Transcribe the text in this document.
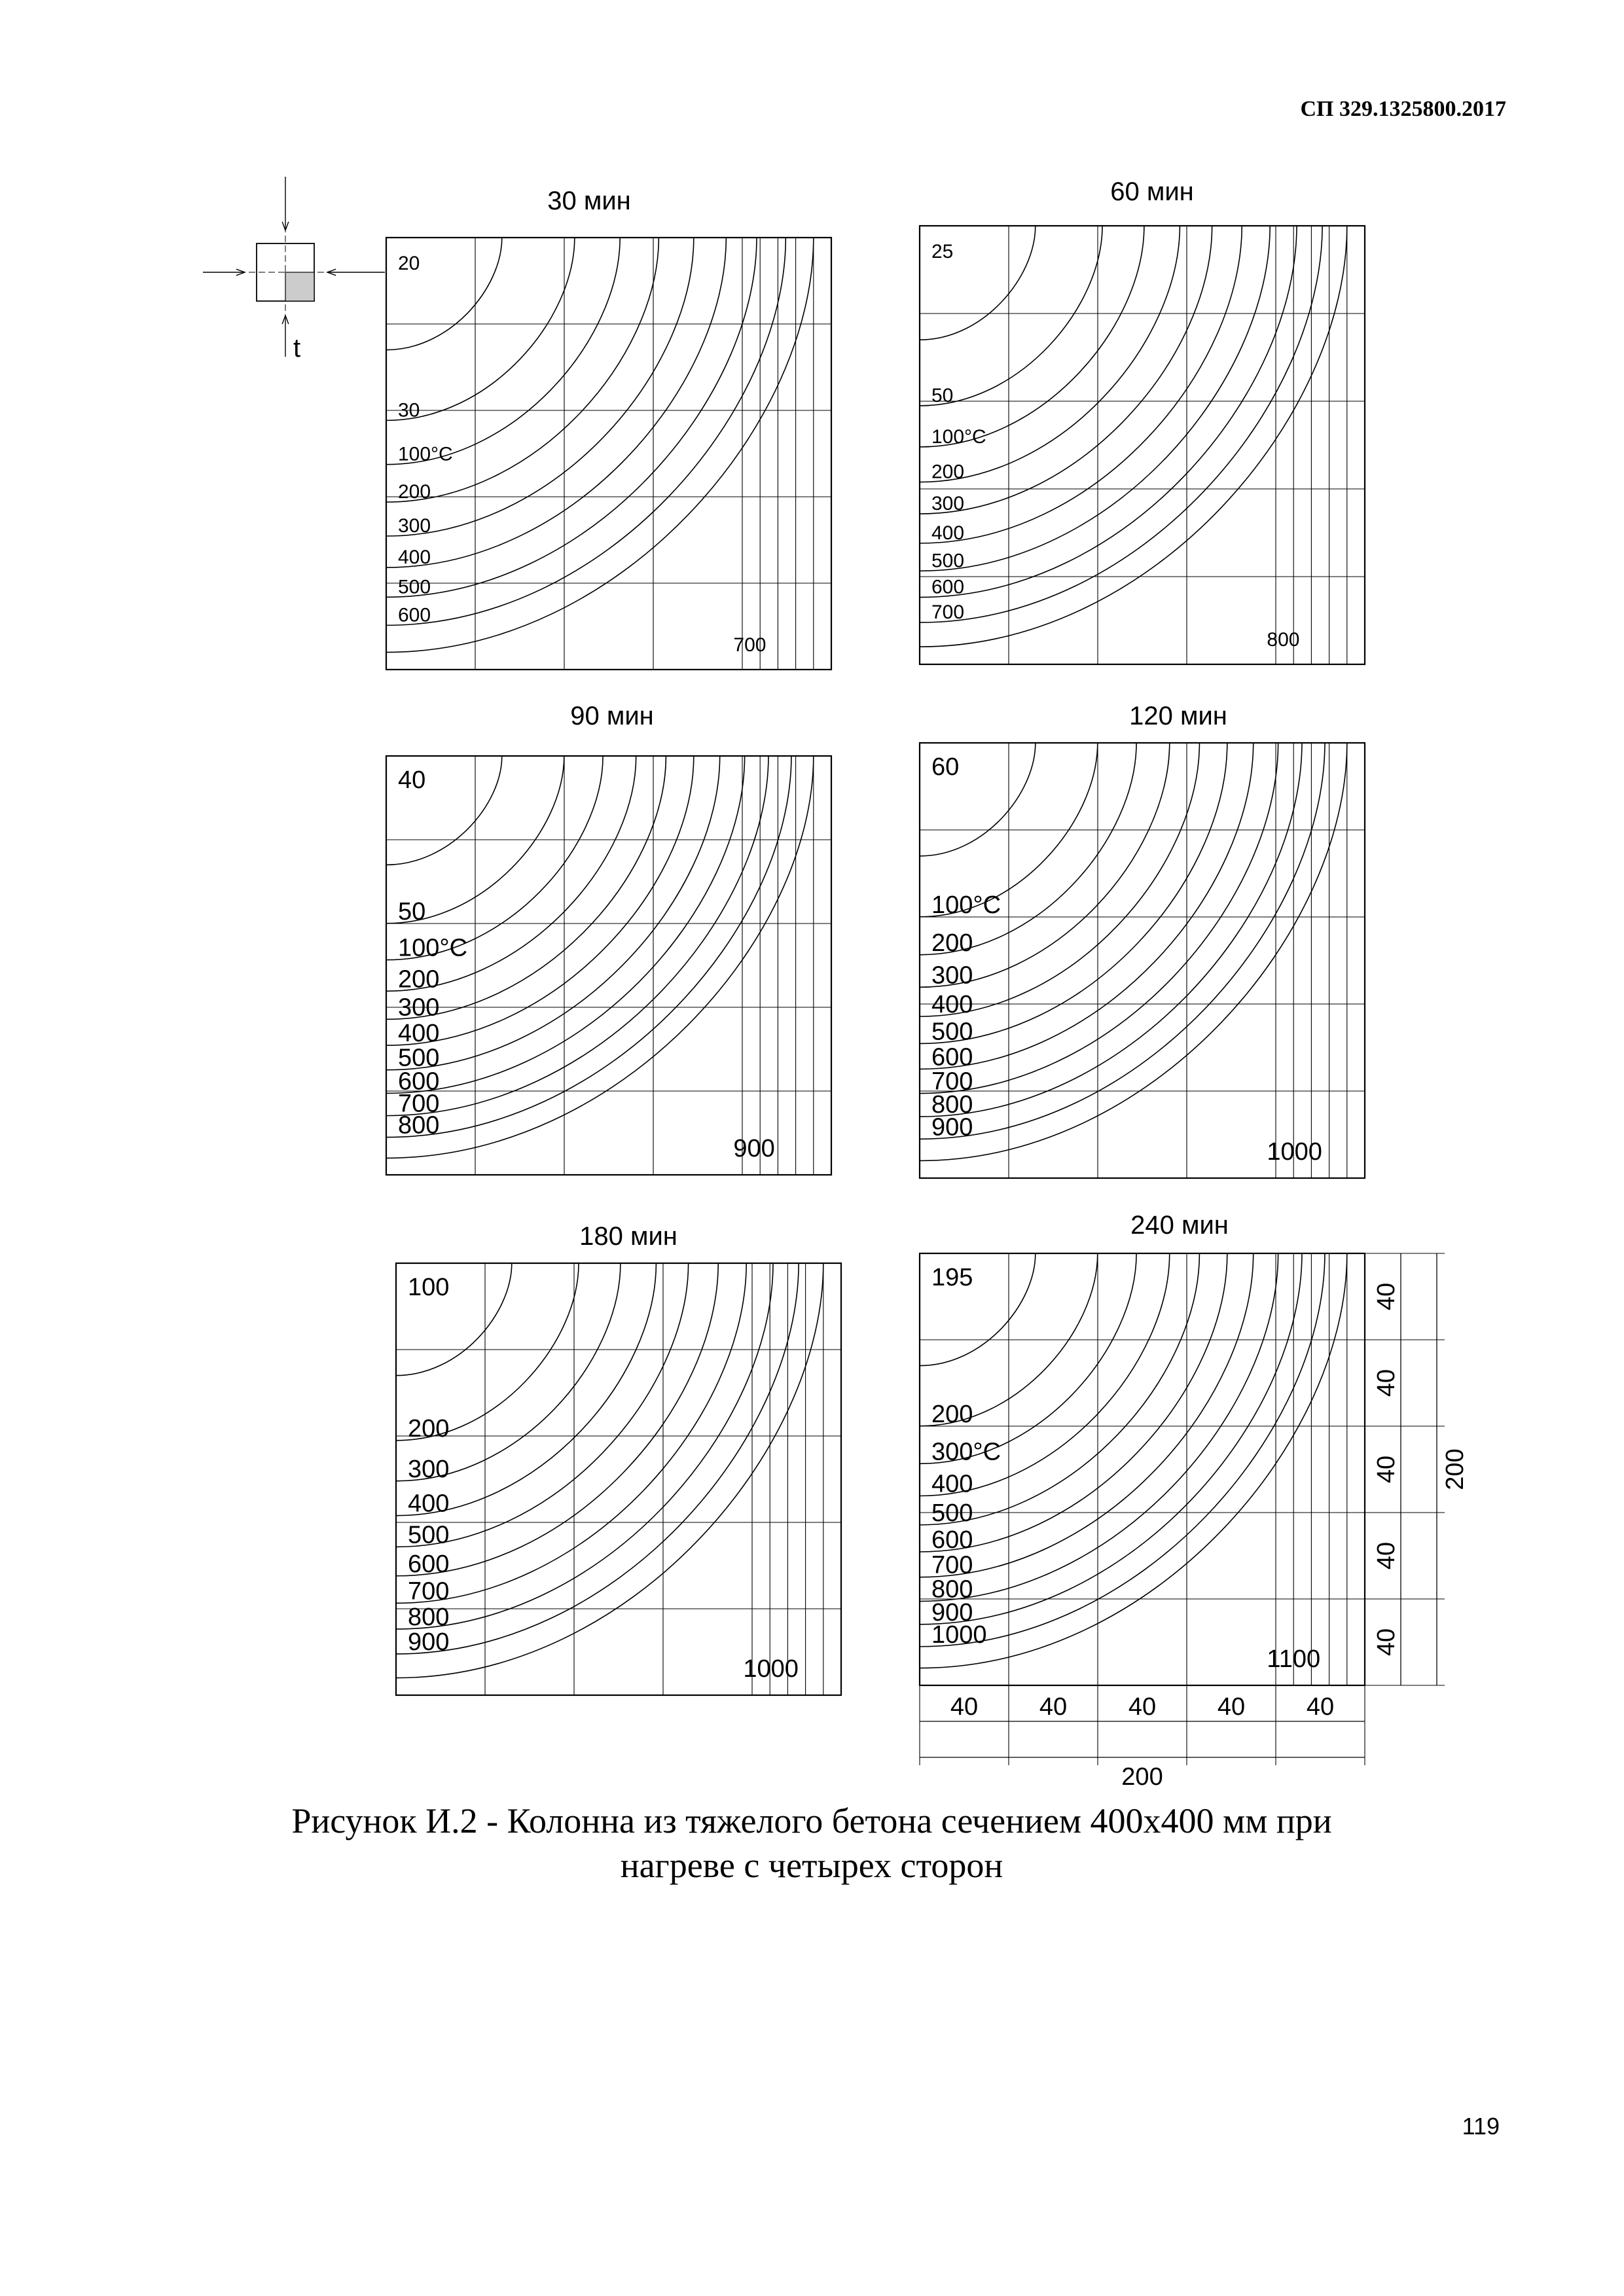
СП 329.1325800.2017
30 мин
20
30
100°C
200
300
400
500
600
700
60 мин
25
50
100°C
200
300
400
500
600
700
800
90 мин
40
50
100°C
200
300
400
500
600
700
800
900
120 мин
60
100°C
200
300
400
500
600
700
800
900
1000
180 мин
100
200
300
400
500
600
700
800
900
1000
240 мин
195
200
300°C
400
500
600
700
800
900
1000
1100
40 40 40 40 40
200
40
40
40
40
40
200
t
Рисунок И.2 - Колонна из тяжелого бетона сечением 400х400 мм при
нагреве с четырех сторон
119
